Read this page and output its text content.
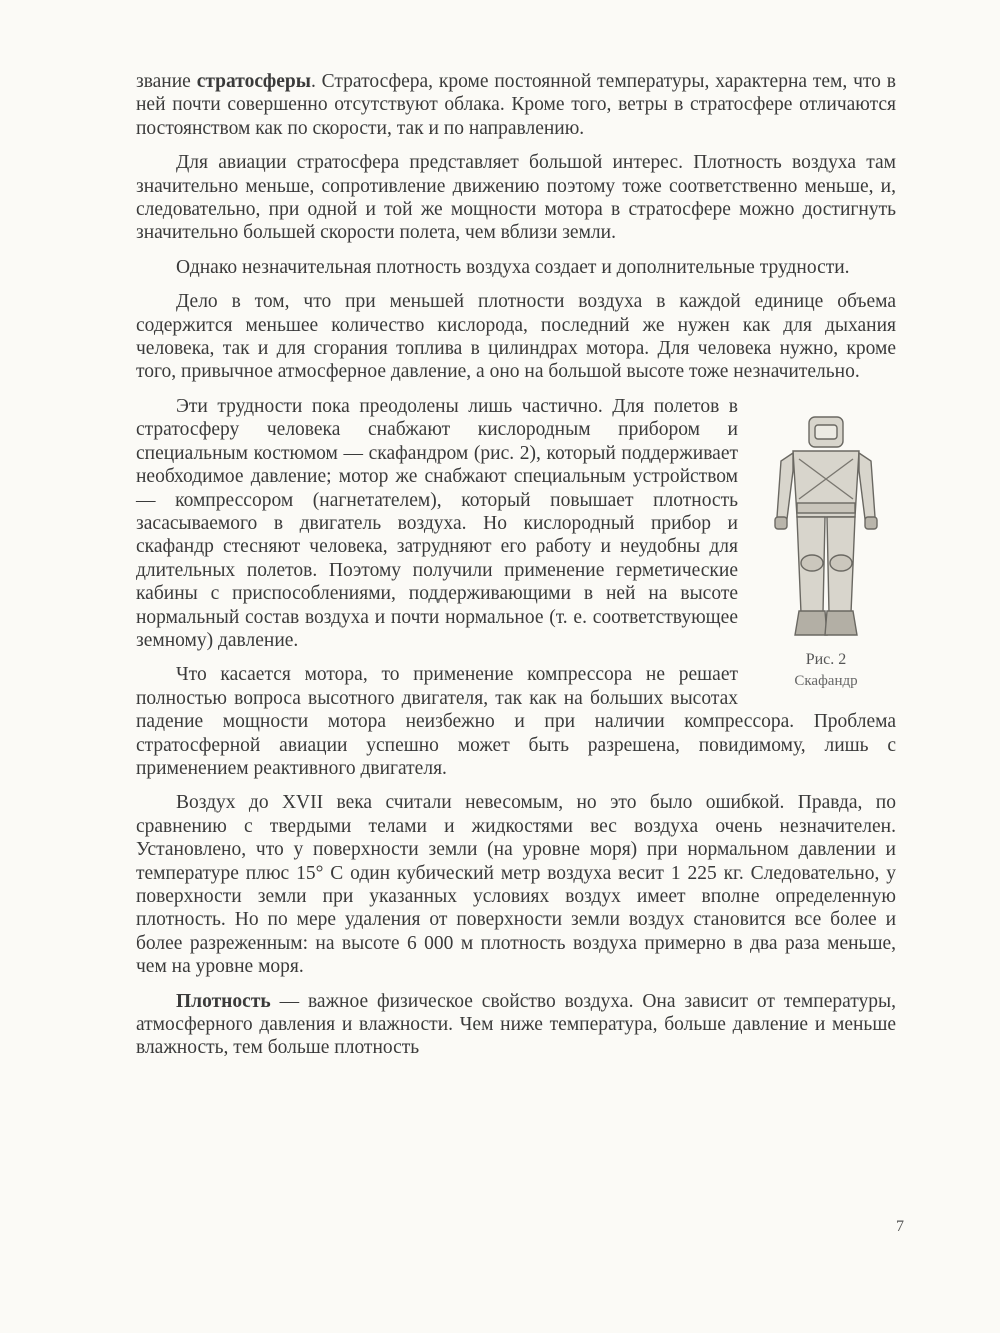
звание стратосферы. Стратосфера, кроме постоянной температуры, характерна тем, что в ней почти совершенно отсутствуют облака. Кроме того, ветры в стратосфере отличаются постоянством как по скорости, так и по направлению.

Для авиации стратосфера представляет большой интерес. Плотность воздуха там значительно меньше, сопротивление движению поэтому тоже соответственно меньше, и, следовательно, при одной и той же мощности мотора в стратосфере можно достигнуть значительно большей скорости полета, чем вблизи земли.

Однако незначительная плотность воздуха создает и дополнительные трудности.

Дело в том, что при меньшей плотности воздуха в каждой единице объема содержится меньшее количество кислорода, последний же нужен как для дыхания человека, так и для сгорания топлива в цилиндрах мотора. Для человека нужно, кроме того, привычное атмосферное давление, а оно на большой высоте тоже незначительно.

Рис. 2
Скафандр

Эти трудности пока преодолены лишь частично. Для полетов в стратосферу человека снабжают кислородным прибором и специальным костюмом — скафандром (рис. 2), который поддерживает необходимое давление; мотор же снабжают специальным устройством — компрессором (нагнетателем), который повышает плотность засасываемого в двигатель воздуха. Но кислородный прибор и скафандр стесняют человека, затрудняют его работу и неудобны для длительных полетов. Поэтому получили применение герметические кабины с приспособлениями, поддерживающими в ней на высоте нормальный состав воздуха и почти нормальное (т. е. соответствующее земному) давление.

Что касается мотора, то применение компрессора не решает полностью вопроса высотного двигателя, так как на больших высотах падение мощности мотора неизбежно и при наличии компрессора. Проблема стратосферной авиации успешно может быть разрешена, повидимому, лишь с применением реактивного двигателя.

Воздух до XVII века считали невесомым, но это было ошибкой. Правда, по сравнению с твердыми телами и жидкостями вес воздуха очень незначителен. Установлено, что у поверхности земли (на уровне моря) при нормальном давлении и температуре плюс 15° С один кубический метр воздуха весит 1 225 кг. Следовательно, у поверхности земли при указанных условиях воздух имеет вполне определенную плотность. Но по мере удаления от поверхности земли воздух становится все более и более разреженным: на высоте 6 000 м плотность воздуха примерно в два раза меньше, чем на уровне моря.

Плотность — важное физическое свойство воздуха. Она зависит от температуры, атмосферного давления и влажности. Чем ниже температура, больше давление и меньше влажность, тем больше плотность

7
